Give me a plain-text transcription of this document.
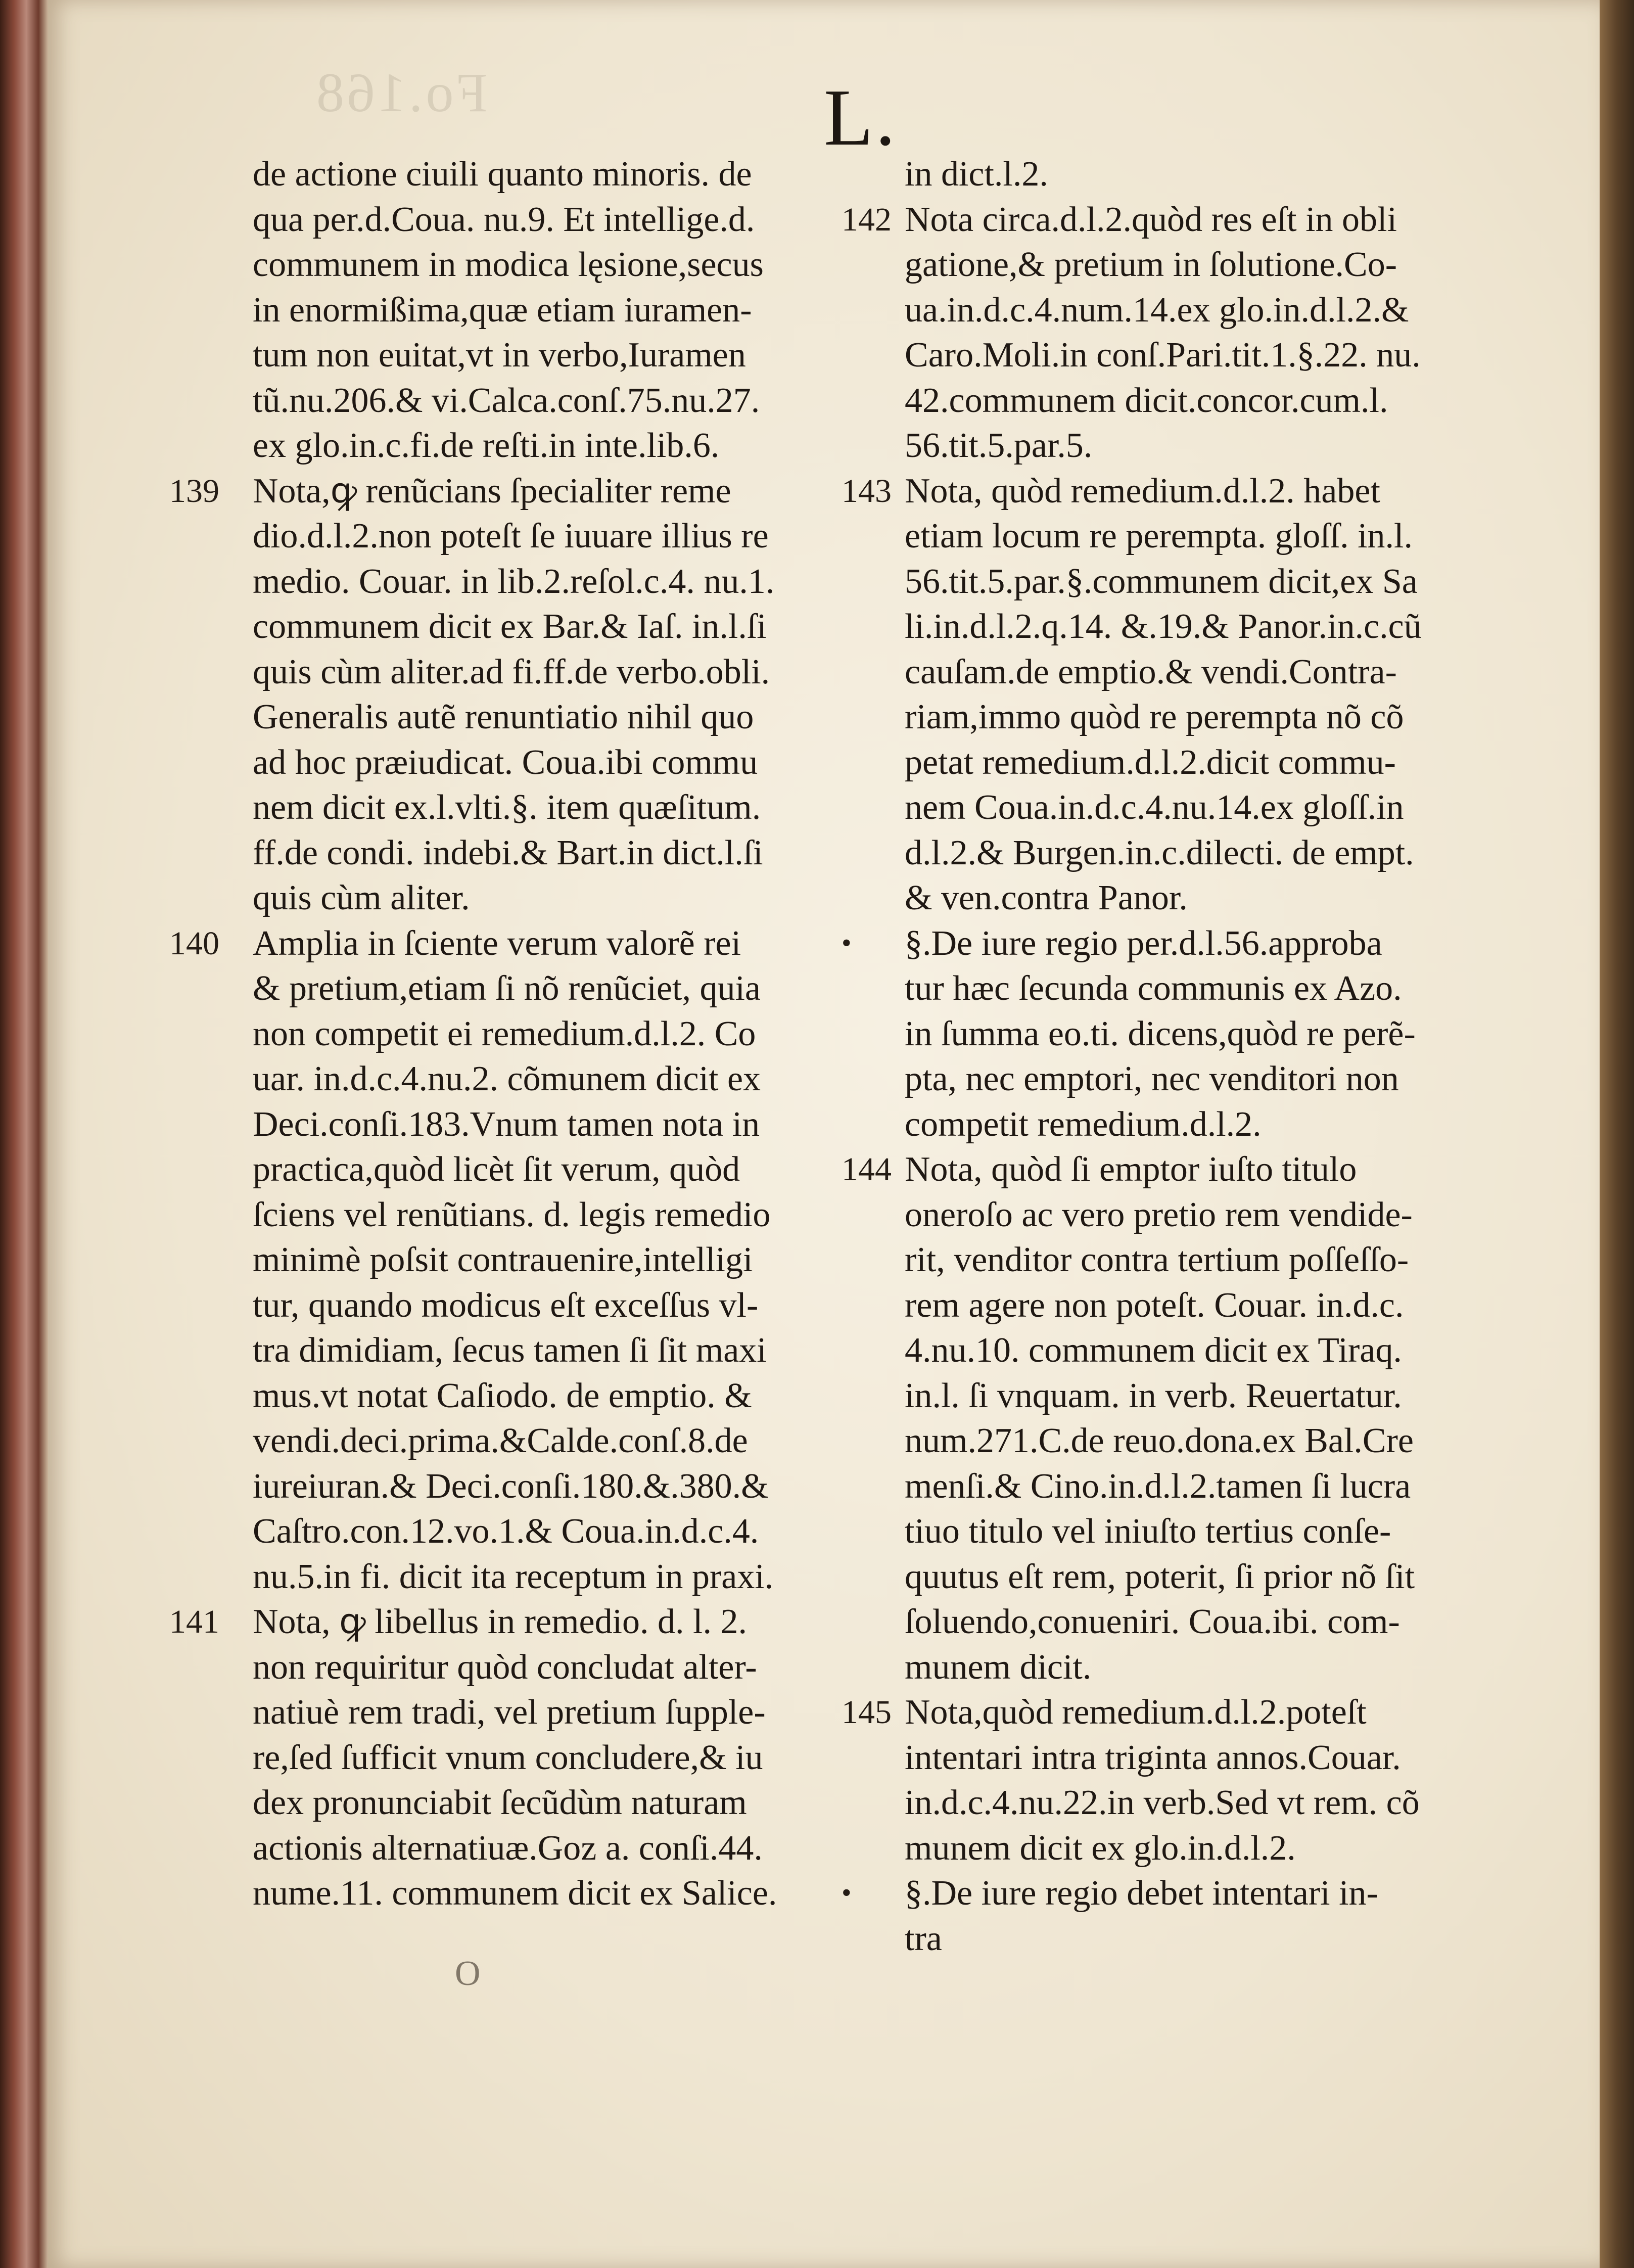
Fo.168	L.
de actione ciuili quanto minoris. de
qua per.d.Coua. nu.9. Et intellige.d.
communem in modica lęsione,secus
in enormißima,quæ etiam iuramen-
tum non euitat,vt in verbo,Iuramen
tũ.nu.206.& vi.Calca.conſ.75.nu.27.
ex glo.in.c.fi.de reſti.in inte.lib.6.
139 Nota,ꝙ renũcians ſpecialiter reme
dio.d.l.2.non poteſt ſe iuuare illius re
medio. Couar. in lib.2.reſol.c.4. nu.1.
communem dicit ex Bar.& Iaſ. in.l.ſi
quis cùm aliter.ad fi.ff.de verbo.obli.
Generalis autẽ renuntiatio nihil quo
ad hoc præiudicat. Coua.ibi commu
nem dicit ex.l.vlti.§. item quæſitum.
ff.de condi. indebi.& Bart.in dict.l.ſi
quis cùm aliter.
140 Amplia in ſciente verum valorẽ rei
& pretium,etiam ſi nõ renũciet, quia
non competit ei remedium.d.l.2. Co
uar. in.d.c.4.nu.2. cõmunem dicit ex
Deci.conſi.183.Vnum tamen nota in
practica,quòd licèt ſit verum, quòd
ſciens vel renũtians. d. legis remedio
minimè poſsit contrauenire,intelligi
tur, quando modicus eſt exceſſus vl-
tra dimidiam, ſecus tamen ſi ſit maxi
mus.vt notat Caſiodo. de emptio. &
vendi.deci.prima.&Calde.conſ.8.de
iureiuran.& Deci.conſi.180.&.380.&
Caſtro.con.12.vo.1.& Coua.in.d.c.4.
nu.5.in fi. dicit ita receptum in praxi.
141 Nota, ꝙ libellus in remedio. d. l. 2.
non requiritur quòd concludat alter-
natiuè rem tradi, vel pretium ſupple-
re,ſed ſufficit vnum concludere,& iu
dex pronunciabit ſecũdùm naturam
actionis alternatiuæ.Goz a. conſi.44.
nume.11. communem dicit ex Salice.
in dict.l.2.
142 Nota circa.d.l.2.quòd res eſt in obli
gatione,& pretium in ſolutione.Co-
ua.in.d.c.4.num.14.ex glo.in.d.l.2.&
Caro.Moli.in conſ.Pari.tit.1.§.22. nu.
42.communem dicit.concor.cum.l.
56.tit.5.par.5.
143 Nota, quòd remedium.d.l.2. habet
etiam locum re perempta. gloſſ. in.l.
56.tit.5.par.§.communem dicit,ex Sa
li.in.d.l.2.q.14. &.19.& Panor.in.c.cũ
cauſam.de emptio.& vendi.Contra-
riam,immo quòd re perempta nõ cõ
petat remedium.d.l.2.dicit commu-
nem Coua.in.d.c.4.nu.14.ex gloſſ.in
d.l.2.& Burgen.in.c.dilecti. de empt.
& ven.contra Panor.
•	§.De iure regio per.d.l.56.approba
tur hæc ſecunda communis ex Azo.
in ſumma eo.ti. dicens,quòd re perẽ-
pta, nec emptori, nec venditori non
competit remedium.d.l.2.
144 Nota, quòd ſi emptor iuſto titulo
oneroſo ac vero pretio rem vendide-
rit, venditor contra tertium poſſeſſo-
rem agere non poteſt. Couar. in.d.c.
4.nu.10. communem dicit ex Tiraq.
in.l. ſi vnquam. in verb. Reuertatur.
num.271.C.de reuo.dona.ex Bal.Cre
menſi.& Cino.in.d.l.2.tamen ſi lucra
tiuo titulo vel iniuſto tertius conſe-
quutus eſt rem, poterit, ſi prior nõ ſit
ſoluendo,conueniri. Coua.ibi. com-
munem dicit.
145 Nota,quòd remedium.d.l.2.poteſt
intentari intra triginta annos.Couar.
in.d.c.4.nu.22.in verb.Sed vt rem. cõ
munem dicit ex glo.in.d.l.2.
•	§.De iure regio debet intentari in-
tra
O
